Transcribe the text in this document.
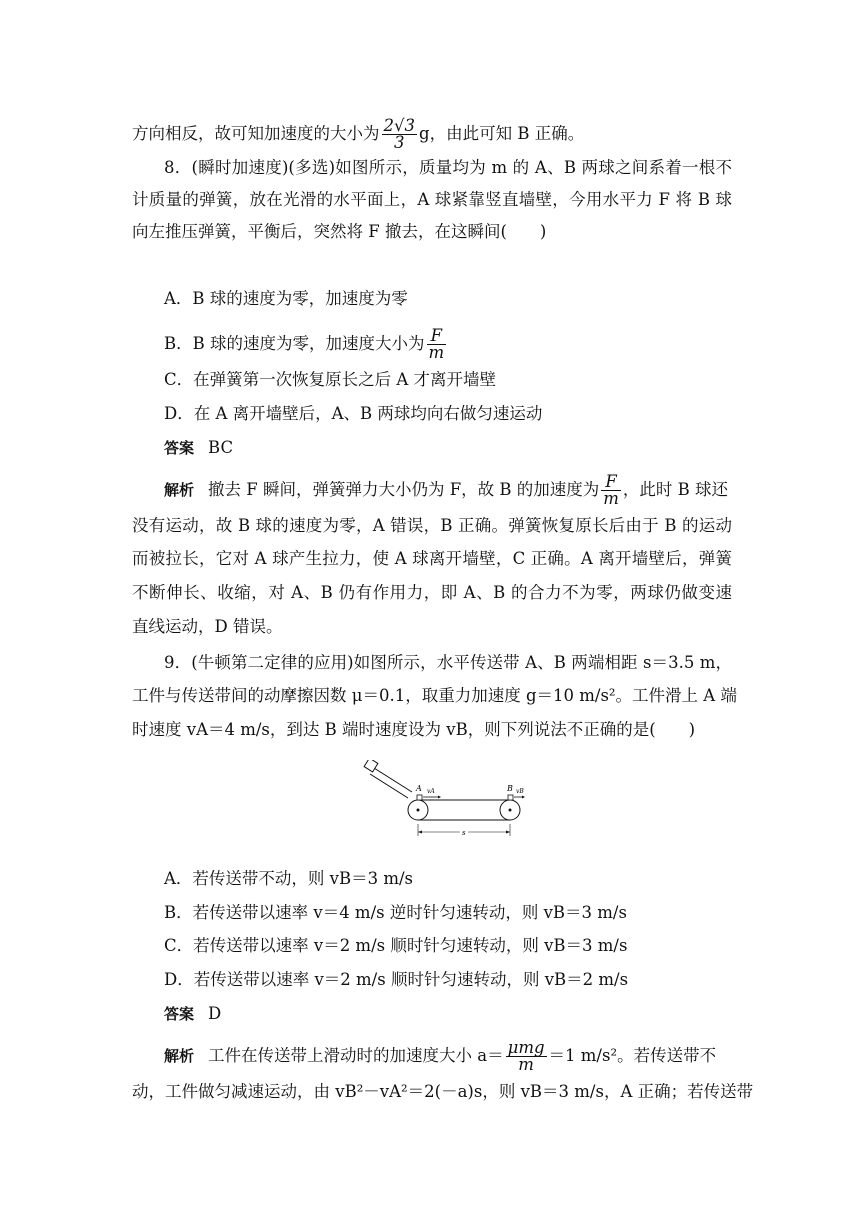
方向相反，故可知加速度的大小为 $\frac{2√3}{3}$ g，由此可知 B 正确。
8．(瞬时加速度)(多选)如图所示，质量均为 m 的 A、B 两球之间系着一根不
计质量的弹簧，放在光滑的水平面上，A 球紧靠竖直墙壁，今用水平力 F 将 B 球
向左推压弹簧，平衡后，突然将 F 撤去，在这瞬间(　　)
A．B 球的速度为零，加速度为零
B．B 球的速度为零，加速度大小为 $\frac{F}{m}$
C．在弹簧第一次恢复原长之后 A 才离开墙壁
D．在 A 离开墙壁后，A、B 两球均向右做匀速运动
答案 BC
解析 撤去 F 瞬间，弹簧弹力大小仍为 F，故 B 的加速度为 $\frac{F}{m}$ ，此时 B 球还
没有运动，故 B 球的速度为零，A 错误，B 正确。弹簧恢复原长后由于 B 的运动
而被拉长，它对 A 球产生拉力，使 A 球离开墙壁，C 正确。A 离开墙壁后，弹簧
不断伸长、收缩，对 A、B 仍有作用力，即 A、B 的合力不为零，两球仍做变速
直线运动，D 错误。
9．(牛顿第二定律的应用)如图所示，水平传送带 A、B 两端相距 s＝3.5 m，
工件与传送带间的动摩擦因数 μ＝0.1，取重力加速度 g＝10 m/s²。工件滑上 A 端
时速度 vA＝4 m/s，到达 B 端时速度设为 vB，则下列说法不正确的是(　　)
A vA	B vB
s
A．若传送带不动，则 vB＝3 m/s
B．若传送带以速率 v＝4 m/s 逆时针匀速转动，则 vB＝3 m/s
C．若传送带以速率 v＝2 m/s 顺时针匀速转动，则 vB＝3 m/s
D．若传送带以速率 v＝2 m/s 顺时针匀速转动，则 vB＝2 m/s
答案 D
解析 工件在传送带上滑动时的加速度大小 $a= \frac{\text{μmg}}{m} =1$ m/s²。若传送带不
动，工件做匀减速运动，由 vB²－vA²＝2(－a)s，则 vB＝3 m/s，A 正确；若传送带
